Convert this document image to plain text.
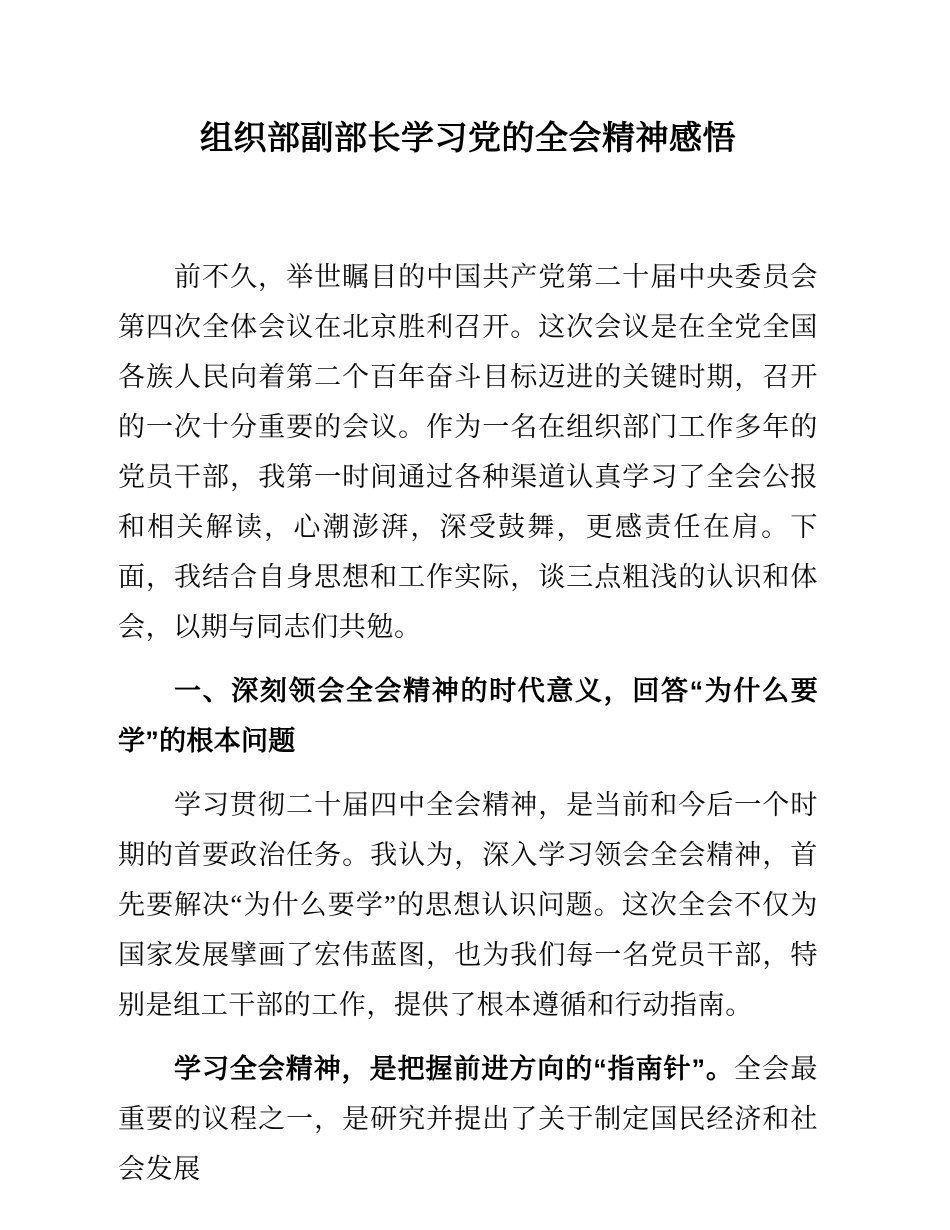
组织部副部长学习党的全会精神感悟

前不久，举世瞩目的中国共产党第二十届中央委员会第四次全体会议在北京胜利召开。这次会议是在全党全国各族人民向着第二个百年奋斗目标迈进的关键时期，召开的一次十分重要的会议。作为一名在组织部门工作多年的党员干部，我第一时间通过各种渠道认真学习了全会公报和相关解读，心潮澎湃，深受鼓舞，更感责任在肩。下面，我结合自身思想和工作实际，谈三点粗浅的认识和体会，以期与同志们共勉。

一、深刻领会全会精神的时代意义，回答“为什么要学”的根本问题

学习贯彻二十届四中全会精神，是当前和今后一个时期的首要政治任务。我认为，深入学习领会全会精神，首先要解决“为什么要学”的思想认识问题。这次全会不仅为国家发展擘画了宏伟蓝图，也为我们每一名党员干部，特别是组工干部的工作，提供了根本遵循和行动指南。

学习全会精神，是把握前进方向的“指南针”。全会最重要的议程之一，是研究并提出了关于制定国民经济和社会发展
